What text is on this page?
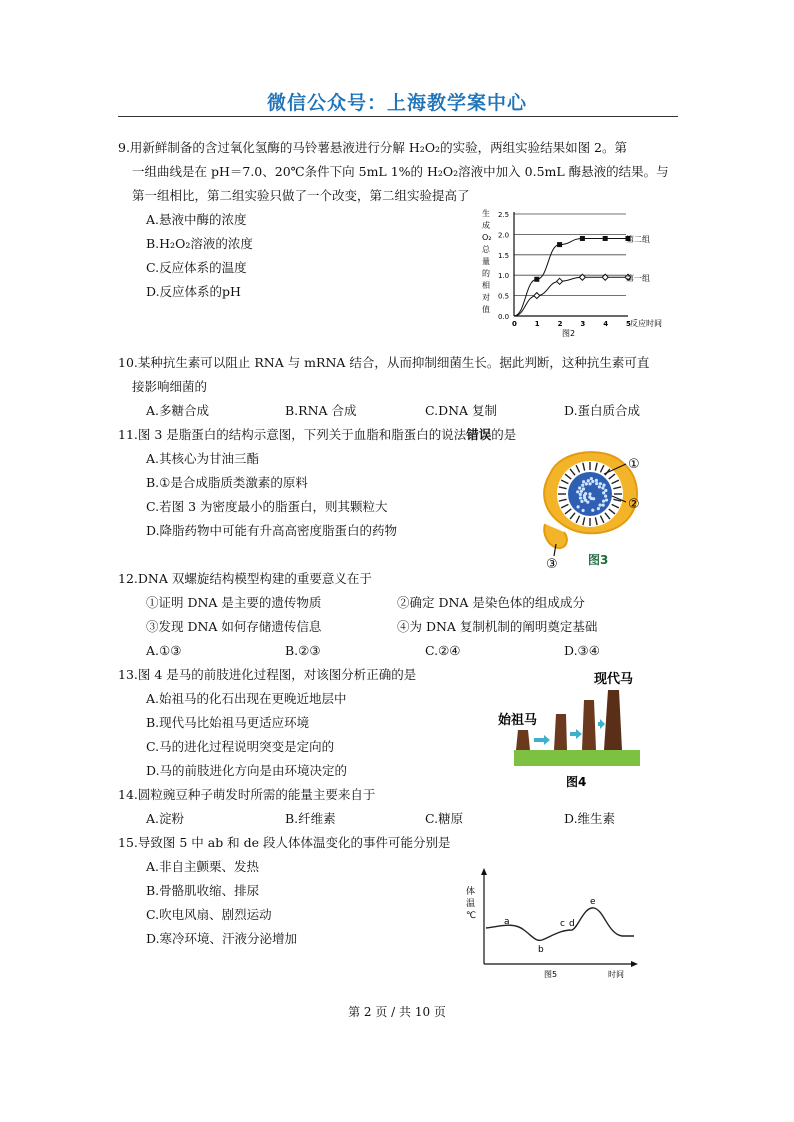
微信公众号：上海教学案中心
9.用新鲜制备的含过氧化氢酶的马铃薯悬液进行分解 H₂O₂的实验，两组实验结果如图 2。第
一组曲线是在 pH＝7.0、20℃条件下向 5mL 1%的 H₂O₂溶液中加入 0.5mL 酶悬液的结果。与
第一组相比，第二组实验只做了一个改变，第二组实验提高了
A.悬液中酶的浓度
B.H₂O₂溶液的浓度
C.反应体系的温度
D.反应体系的pH
生
成
O₂
总
量
的
相
对
值
0.0
0.5
1.0
1.5
2.0
2.5
0	1	2	3	4	5
第二组
第一组
图2
反应时间
10.某种抗生素可以阻止 RNA 与 mRNA 结合，从而抑制细菌生长。据此判断，这种抗生素可直
接影响细菌的
A.多糖合成	B.RNA 合成	C.DNA 复制	D.蛋白质合成
11.图 3 是脂蛋白的结构示意图，下列关于血脂和脂蛋白的说法错误的是
A.其核心为甘油三酯
B.①是合成脂质类激素的原料
C.若图 3 为密度最小的脂蛋白，则其颗粒大
D.降脂药物中可能有升高高密度脂蛋白的药物
①
②
③	图3
12.DNA 双螺旋结构模型构建的重要意义在于
①证明 DNA 是主要的遗传物质	②确定 DNA 是染色体的组成成分
③发现 DNA 如何存储遗传信息	④为 DNA 复制机制的阐明奠定基础
A.①③	B.②③	C.②④	D.③④
13.图 4 是马的前肢进化过程图，对该图分析正确的是
A.始祖马的化石出现在更晚近地层中
B.现代马比始祖马更适应环境
C.马的进化过程说明突变是定向的
D.马的前肢进化方向是由环境决定的
现代马
始祖马
图4
14.圆粒豌豆种子萌发时所需的能量主要来自于
A.淀粉	B.纤维素	C.糖原	D.维生素
15.导致图 5 中 ab 和 de 段人体体温变化的事件可能分别是
A.非自主颤栗、发热
B.骨骼肌收缩、排尿
C.吹电风扇、剧烈运动
D.寒冷环境、汗液分泌增加
体
温
℃
a
b
c d
e
图5	时间
第 2 页 / 共 10 页
